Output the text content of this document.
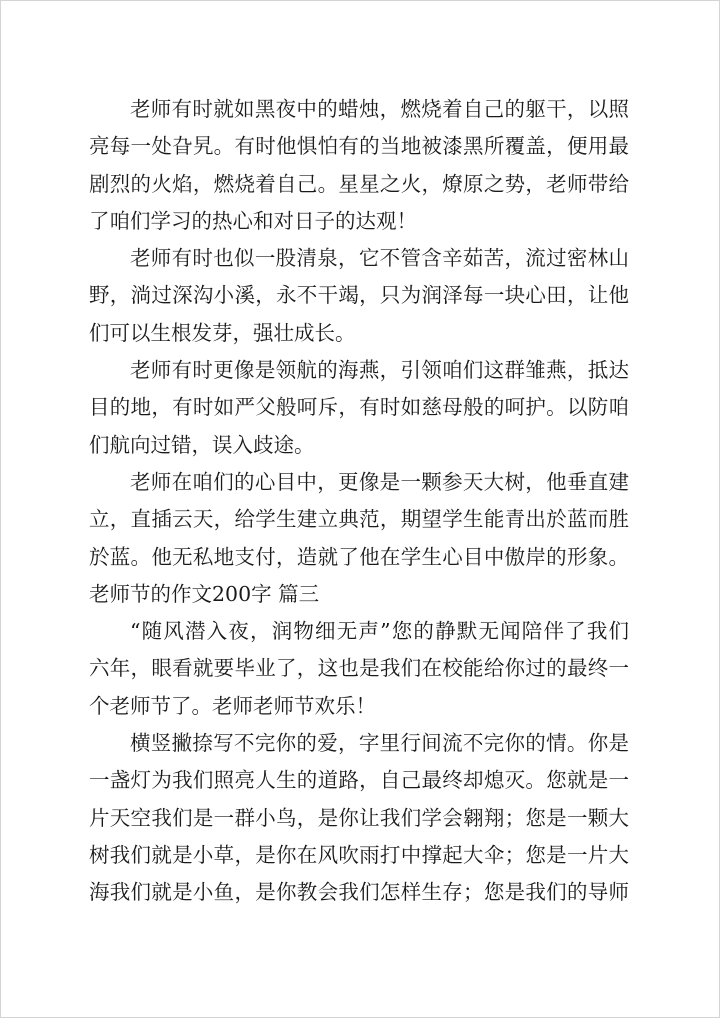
老师有时就如黑夜中的蜡烛，燃烧着自己的躯干，以照
亮每一处旮旯。有时他惧怕有的当地被漆黑所覆盖，便用最
剧烈的火焰，燃烧着自己。星星之火，燎原之势，老师带给
了咱们学习的热心和对日子的达观！
老师有时也似一股清泉，它不管含辛茹苦，流过密林山
野，淌过深沟小溪，永不干竭，只为润泽每一块心田，让他
们可以生根发芽，强壮成长。
老师有时更像是领航的海燕，引领咱们这群雏燕，抵达
目的地，有时如严父般呵斥，有时如慈母般的呵护。以防咱
们航向过错，误入歧途。
老师在咱们的心目中，更像是一颗参天大树，他垂直建
立，直插云天，给学生建立典范，期望学生能青出於蓝而胜
於蓝。他无私地支付，造就了他在学生心目中傲岸的形象。
老师节的作文200字 篇三
“随风潜入夜，润物细无声”您的静默无闻陪伴了我们
六年，眼看就要毕业了，这也是我们在校能给你过的最终一
个老师节了。老师老师节欢乐！
横竖撇捺写不完你的爱，字里行间流不完你的情。你是
一盏灯为我们照亮人生的道路，自己最终却熄灭。您就是一
片天空我们是一群小鸟，是你让我们学会翱翔；您是一颗大
树我们就是小草，是你在风吹雨打中撑起大伞；您是一片大
海我们就是小鱼，是你教会我们怎样生存；您是我们的导师
